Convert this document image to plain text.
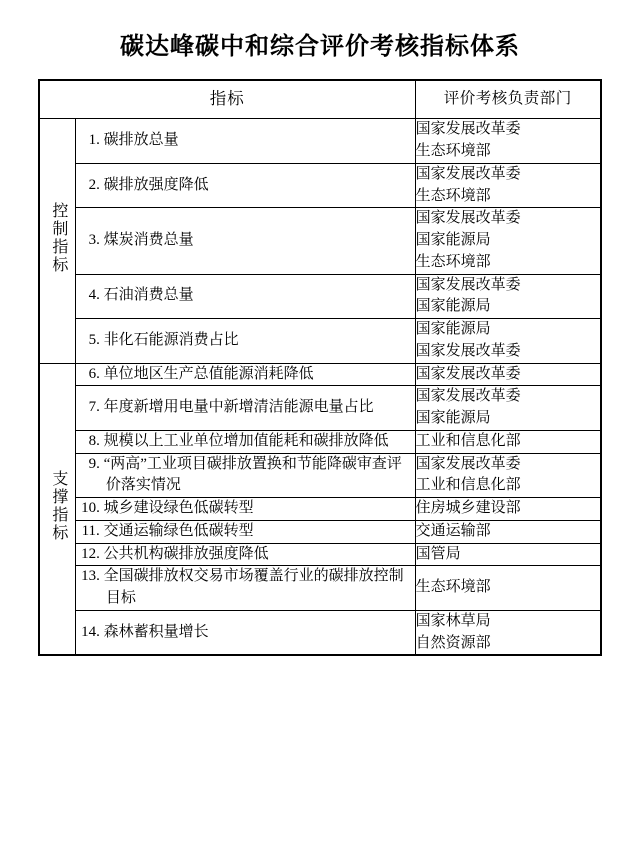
碳达峰碳中和综合评价考核指标体系
指标		评价考核负责部门
控制指标	1. 碳排放总量	国家发展改革委
生态环境部

	2. 碳排放强度降低	国家发展改革委
生态环境部

	3. 煤炭消费总量	国家发展改革委
国家能源局
生态环境部

	4. 石油消费总量	国家发展改革委
国家能源局

	5. 非化石能源消费占比	国家能源局
国家发展改革委

支撑指标	6. 单位地区生产总值能源消耗降低	国家发展改革委

	7. 年度新增用电量中新增清洁能源电量占比	国家发展改革委
国家能源局

	8. 规模以上工业单位增加值能耗和碳排放降低	工业和信息化部

	9. “两高”工业项目碳排放置换和节能降碳审查评价落实情况	国家发展改革委
工业和信息化部

	10. 城乡建设绿色低碳转型	住房城乡建设部

	11. 交通运输绿色低碳转型	交通运输部

	12. 公共机构碳排放强度降低	国管局

	13. 全国碳排放权交易市场覆盖行业的碳排放控制目标	生态环境部

	14. 森林蓄积量增长	国家林草局
自然资源部
